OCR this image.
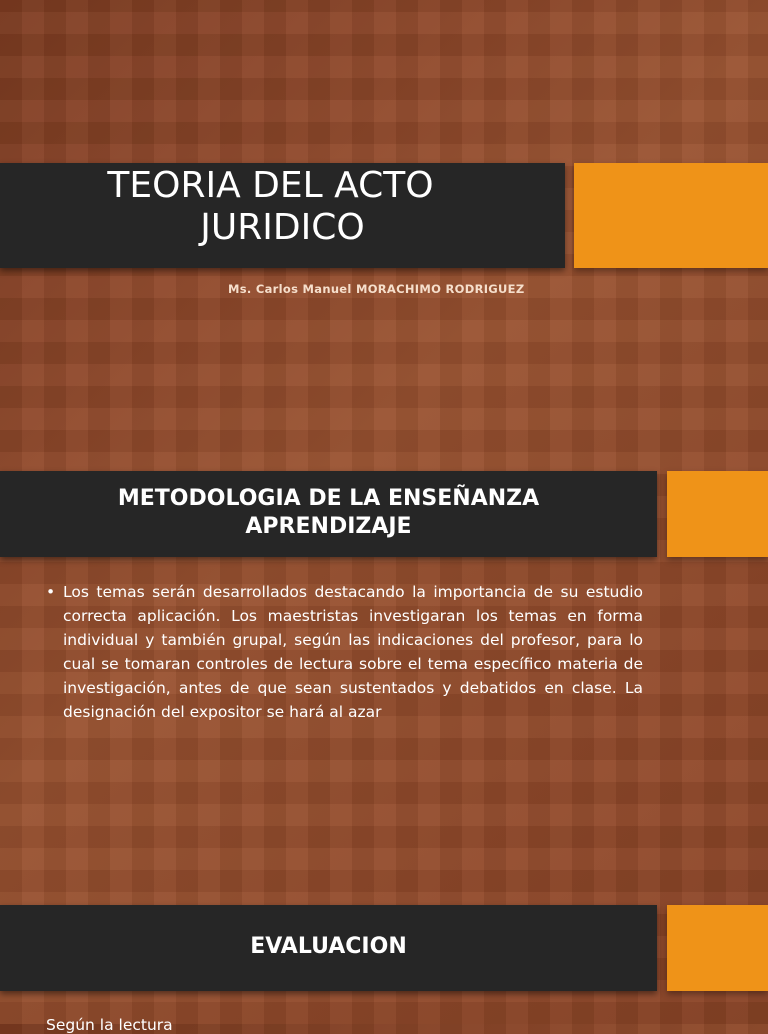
TEORIA DEL ACTO
JURIDICO

Ms. Carlos Manuel MORACHIMO RODRIGUEZ

METODOLOGIA DE LA ENSEÑANZA
APRENDIZAJE
• Los temas serán desarrollados destacando la importancia de su estudio correcta aplicación. Los maestristas investigaran los temas en forma individual y también grupal, según las indicaciones del profesor, para lo cual se tomaran controles de lectura sobre el tema específico materia de investigación, antes de que sean sustentados y debatidos en clase. La designación del expositor se hará al azar
EVALUACION

Según la lectura
